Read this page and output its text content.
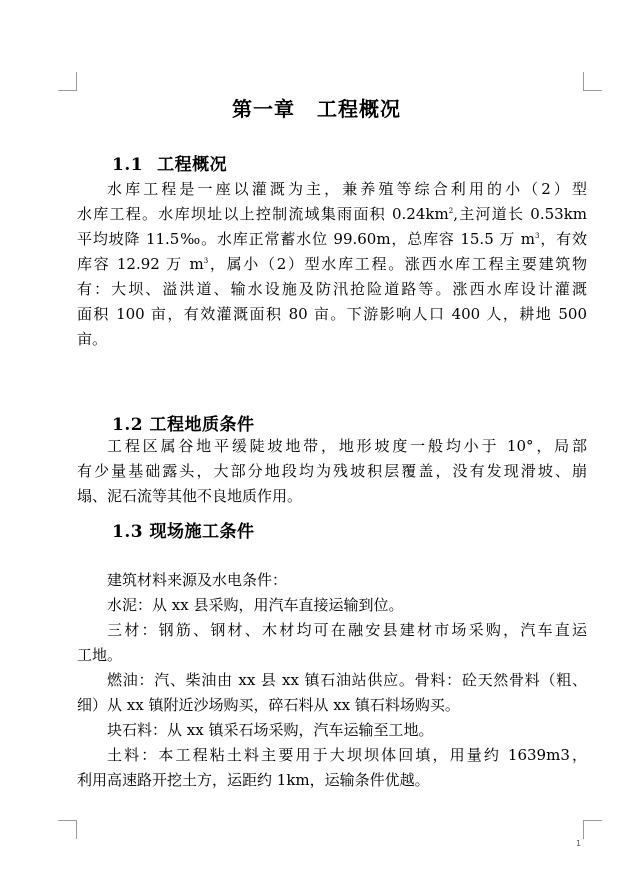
第一章 工程概况
1.1 工程概况
水库工程是一座以灌溉为主，兼养殖等综合利用的小（2）型
水库工程。水库坝址以上控制流域集雨面积 $0.24km^2$,主河道长 0.53km
平均坡降 11.5‰。水库正常蓄水位 99.60m，总库容 15.5 万 $m^3$，有效
库容 12.92 万 $m^3$，属小（2）型水库工程。涨西水库工程主要建筑物
有：大坝、溢洪道、输水设施及防汛抢险道路等。涨西水库设计灌溉
面积 100 亩，有效灌溉面积 80 亩。下游影响人口 400 人，耕地 500
亩。
1.2 工程地质条件
工程区属谷地平缓陡坡地带，地形坡度一般均小于 10°，局部
有少量基础露头，大部分地段均为残坡积层覆盖，没有发现滑坡、崩
塌、泥石流等其他不良地质作用。
1.3 现场施工条件
建筑材料来源及水电条件：
水泥：从 xx 县采购，用汽车直接运输到位。
三材：钢筋、钢材、木材均可在融安县建材市场采购，汽车直运
工地。
燃油：汽、柴油由 xx 县 xx 镇石油站供应。骨料：砼天然骨料（粗、
细）从 xx 镇附近沙场购买，碎石料从 xx 镇石料场购买。
块石料：从 xx 镇采石场采购，汽车运输至工地。
土料：本工程粘土料主要用于大坝坝体回填，用量约 1639m3，
利用高速路开挖土方，运距约 1km，运输条件优越。
1
